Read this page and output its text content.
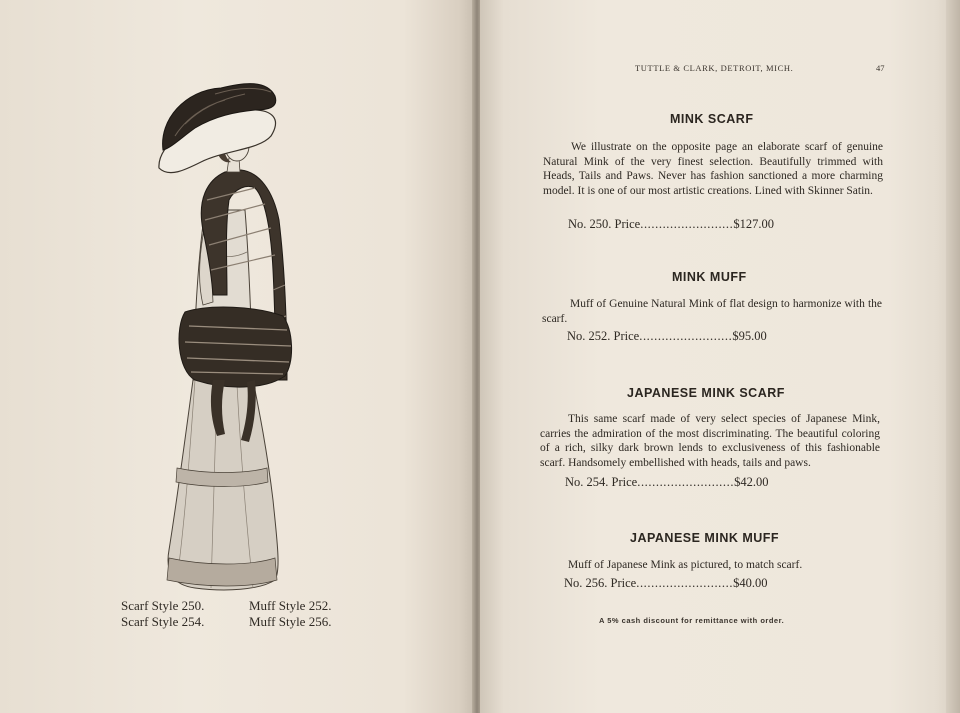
Scarf Style 250.
Scarf Style 254.
Muff Style 252.
Muff Style 256.
TUTTLE & CLARK, DETROIT, MICH.	47
MINK SCARF
We illustrate on the opposite page an elaborate scarf of genuine Natural Mink of the very finest selection. Beautifully trimmed with Heads, Tails and Paws. Never has fashion sanctioned a more charming model. It is one of our most artistic creations. Lined with Skinner Satin.
No. 250. Price.........................$127.00
MINK MUFF
Muff of Genuine Natural Mink of flat design to harmonize with the scarf.
No. 252. Price.........................$95.00
JAPANESE MINK SCARF
This same scarf made of very select species of Japanese Mink, carries the admiration of the most discriminating. The beautiful coloring of a rich, silky dark brown lends to exclusiveness of this fashionable scarf. Handsomely embellished with heads, tails and paws.
No. 254. Price..........................$42.00
JAPANESE MINK MUFF
Muff of Japanese Mink as pictured, to match scarf.
No. 256. Price..........................$40.00
A 5% cash discount for remittance with order.
